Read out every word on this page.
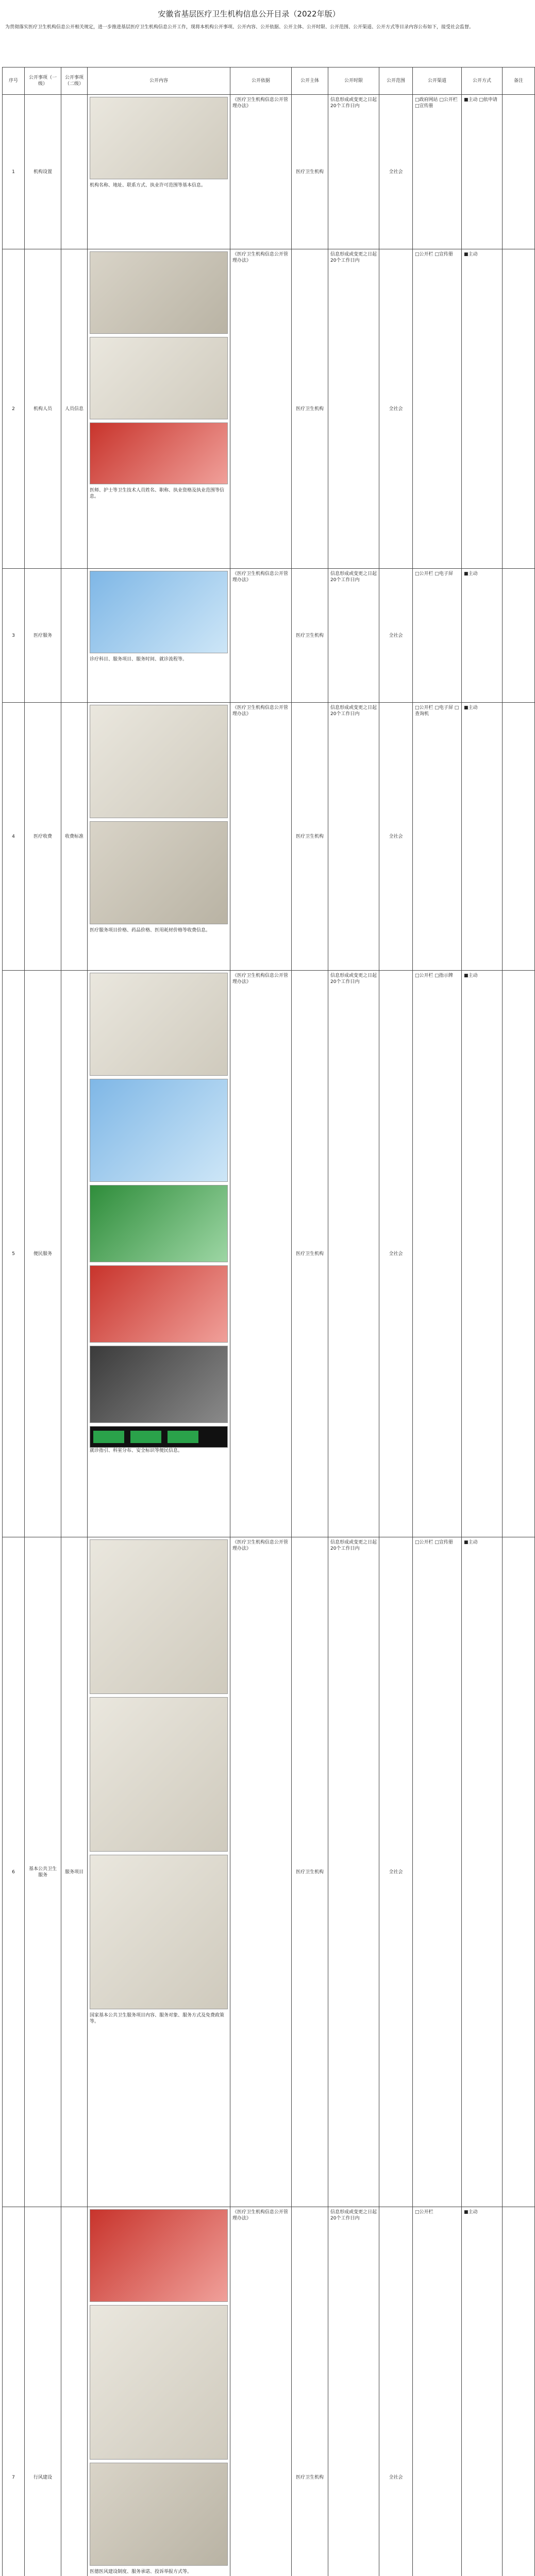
安徽省基层医疗卫生机构信息公开目录（2022年版）
为贯彻落实医疗卫生机构信息公开相关规定，进一步推进基层医疗卫生机构信息公开工作，现将本机构公开事项、公开内容、公开依据、公开主体、公开时限、公开范围、公开渠道、公开方式等目录内容公布如下，接受社会监督。
序号	公开事项（一级）	公开事项（二级）	公开内容	公开依据	公开主体	公开时限	公开范围	公开渠道	公开方式	备注
1	机构设置		机构名称、地址、联系方式、执业许可范围等基本信息。	《医疗卫生机构信息公开管理办法》	医疗卫生机构	信息形成或变更之日起20个工作日内	全社会	□政府网站 □公开栏 □宣传册	■主动 □依申请	
2	机构人员	人员信息	医师、护士等卫生技术人员姓名、职称、执业资格及执业范围等信息。	《医疗卫生机构信息公开管理办法》	医疗卫生机构	信息形成或变更之日起20个工作日内	全社会	□公开栏 □宣传册	■主动	
3	医疗服务		诊疗科目、服务项目、服务时间、就诊流程等。	《医疗卫生机构信息公开管理办法》	医疗卫生机构	信息形成或变更之日起20个工作日内	全社会	□公开栏 □电子屏	■主动	
4	医疗收费	收费标准	医疗服务项目价格、药品价格、医用耗材价格等收费信息。	《医疗卫生机构信息公开管理办法》	医疗卫生机构	信息形成或变更之日起20个工作日内	全社会	□公开栏 □电子屏 □查询机	■主动	
5	便民服务		就诊指引、科室分布、安全标识等便民信息。	《医疗卫生机构信息公开管理办法》	医疗卫生机构	信息形成或变更之日起20个工作日内	全社会	□公开栏 □指示牌	■主动	
6	基本公共卫生服务	服务项目	国家基本公共卫生服务项目内容、服务对象、服务方式及免费政策等。	《医疗卫生机构信息公开管理办法》	医疗卫生机构	信息形成或变更之日起20个工作日内	全社会	□公开栏 □宣传册	■主动	
7	行风建设		医德医风建设制度、服务承诺、投诉举报方式等。	《医疗卫生机构信息公开管理办法》	医疗卫生机构	信息形成或变更之日起20个工作日内	全社会	□公开栏	■主动	
